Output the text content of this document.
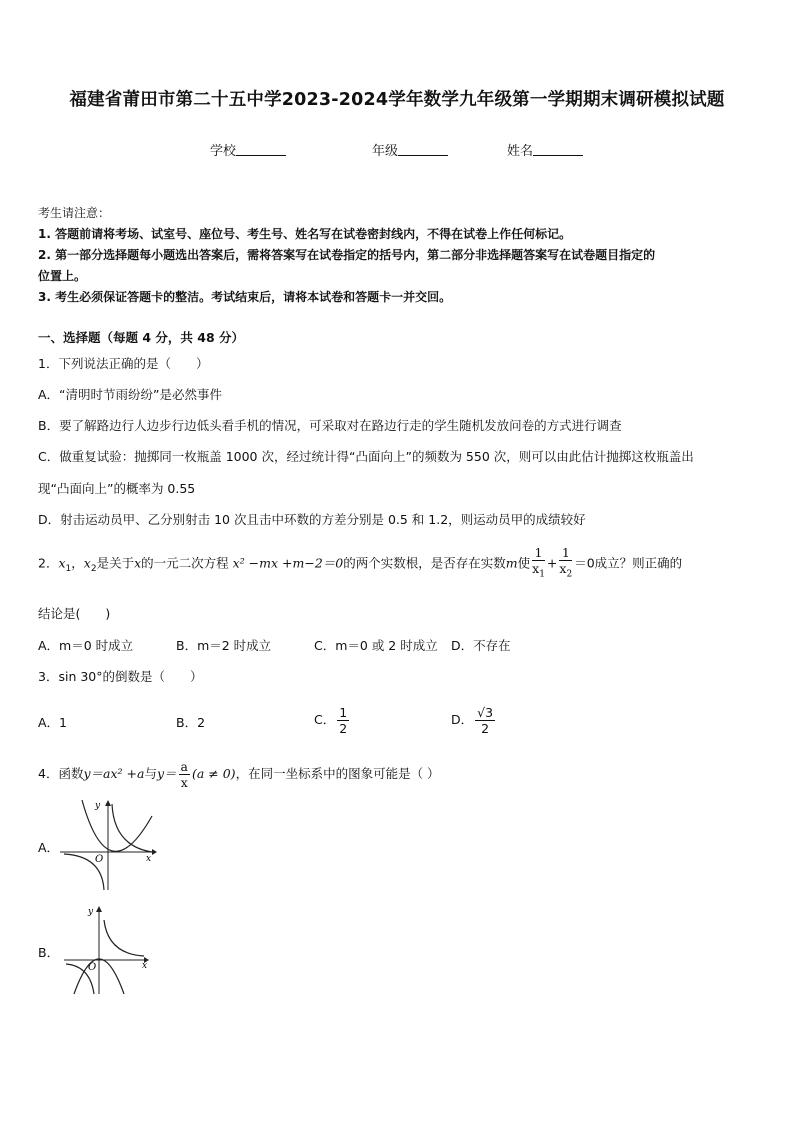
福建省莆田市第二十五中学2023-2024学年数学九年级第一学期期末调研模拟试题
学校	年级	姓名
考生请注意：
1. 答题前请将考场、试室号、座位号、考生号、姓名写在试卷密封线内，不得在试卷上作任何标记。
2. 第一部分选择题每小题选出答案后，需将答案写在试卷指定的括号内，第二部分非选择题答案写在试卷题目指定的
位置上。
3. 考生必须保证答题卡的整洁。考试结束后，请将本试卷和答题卡一并交回。
一、选择题（每题 4 分，共 48 分）
1．下列说法正确的是（　　）
A．“清明时节雨纷纷”是必然事件
B．要了解路边行人边步行边低头看手机的情况，可采取对在路边行走的学生随机发放问卷的方式进行调查
C．做重复试验：抛掷同一枚瓶盖 1000 次，经过统计得“凸面向上”的频数为 550 次，则可以由此估计抛掷这枚瓶盖出
现“凸面向上”的概率为 0.55
D．射击运动员甲、乙分别射击 10 次且击中环数的方差分别是 0.5 和 1.2，则运动员甲的成绩较好
2．$x_1$，$x_2$是关于x的一元二次方程 x² −mx +m−2＝0的两个实数根，是否存在实数m使 $\frac{1}{x_1} + \frac{1}{x_2} =0$成立？则正确的
结论是(　　)
A．m＝0 时成立	B．m＝2 时成立	C．m＝0 或 2 时成立 D．不存在
3．sin 30°的倒数是（　　）
A．1	B．2	C． $\frac{1}{2}$	D． $\frac{√3}{2}$
4．函数y＝ax² +a与$y= \frac{a}{x} (a \ne 0)$，在同一坐标系中的图象可能是（ ）
A．
O	x
y
B．
O	x
y
